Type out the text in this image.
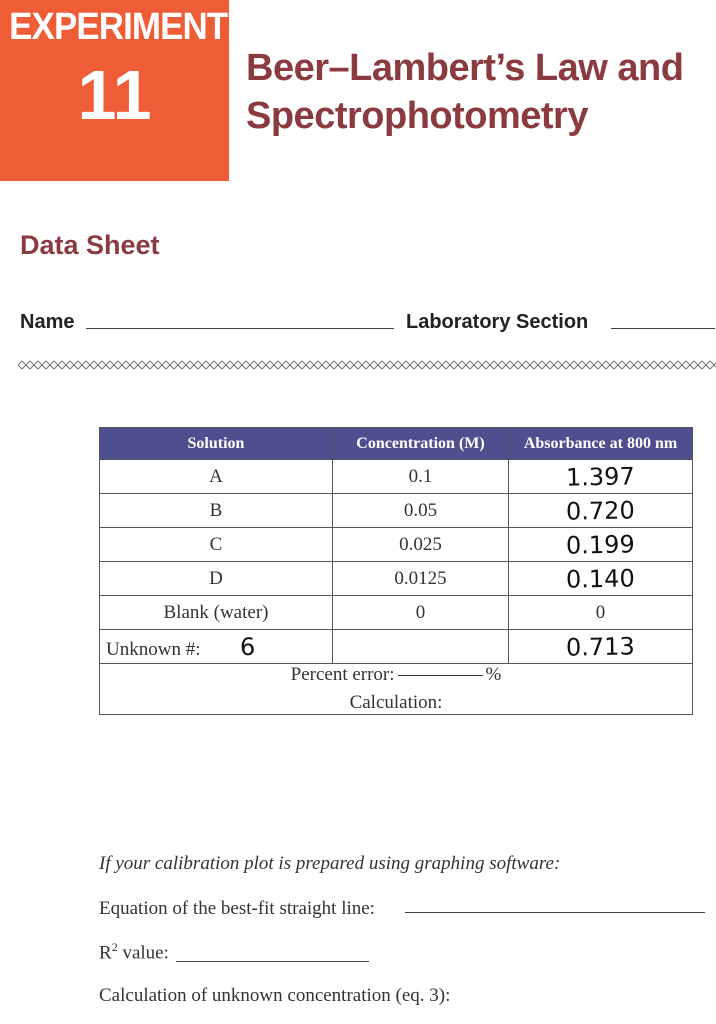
EXPERIMENT
11	Beer–Lambert’s Law and Spectrophotometry
Data Sheet
Name	Laboratory Section
Solution	Concentration (M)	Absorbance at 800 nm
A	0.1	1.397
B	0.05	0.720
C	0.025	0.199
D	0.0125	0.140
Blank (water)	0	0
Unknown #: 6		0.713

Percent error: %
Calculation:		
If your calibration plot is prepared using graphing software:
Equation of the best-fit straight line:
$R^2$ value:
Calculation of unknown concentration (eq. 3):
